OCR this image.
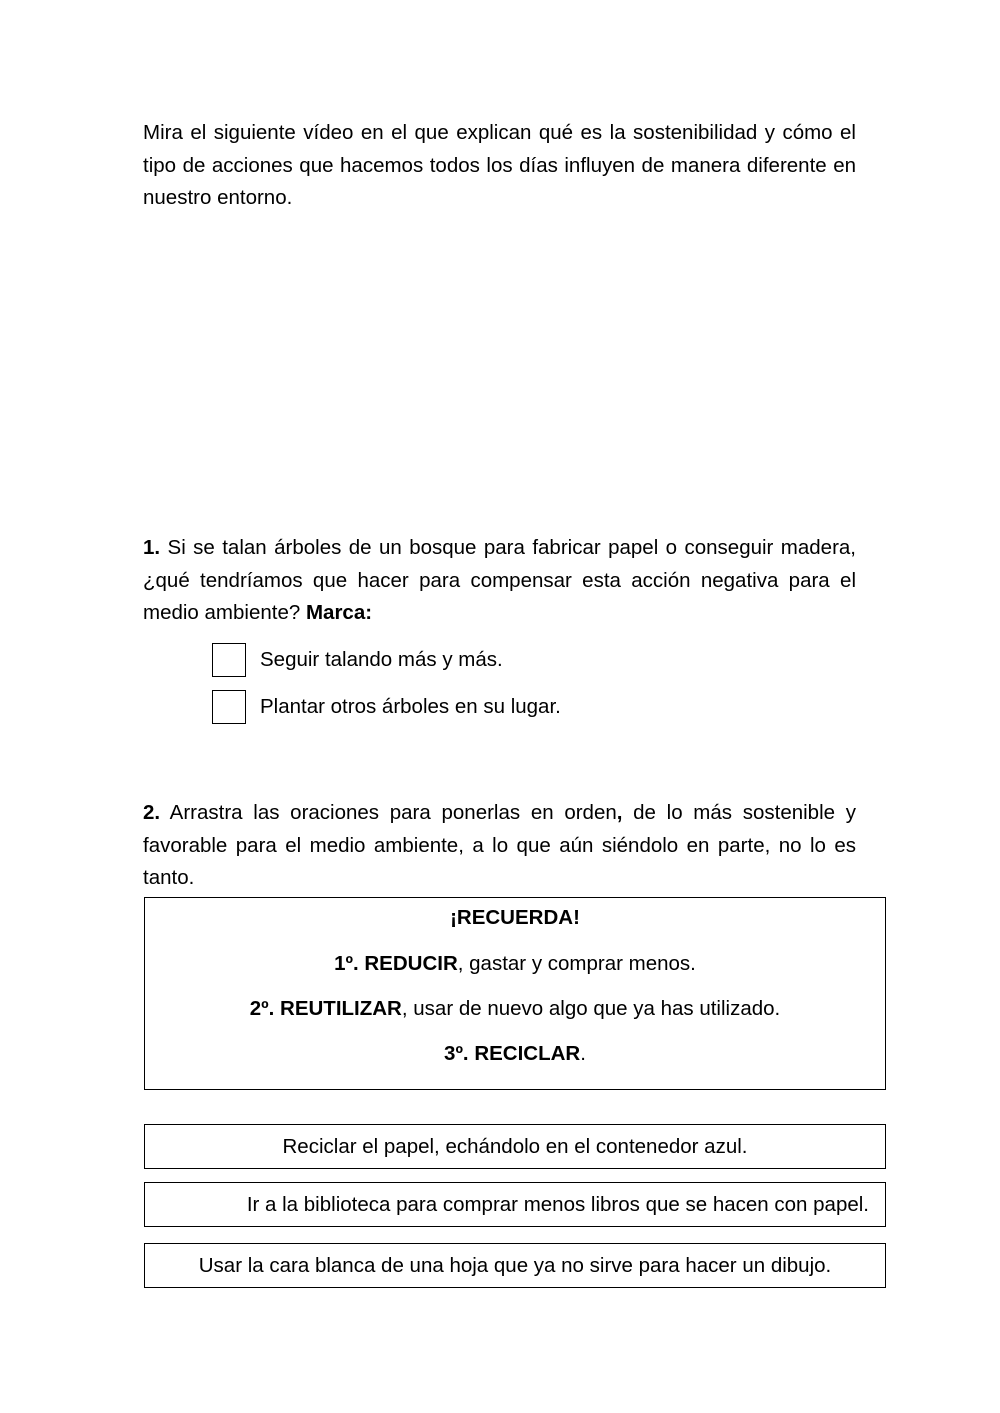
Mira el siguiente vídeo en el que explican qué es la sostenibilidad y cómo el tipo de acciones que hacemos todos los días influyen de manera diferente en nuestro entorno.

1. Si se talan árboles de un bosque para fabricar papel o conseguir madera, ¿qué tendríamos que hacer para compensar esta acción negativa para el medio ambiente? Marca:

Seguir talando más y más.
Plantar otros árboles en su lugar.

2. Arrastra las oraciones para ponerlas en orden, de lo más sostenible y favorable para el medio ambiente, a lo que aún siéndolo en parte, no lo es tanto.

¡RECUERDA!
1º. REDUCIR, gastar y comprar menos.
2º. REUTILIZAR, usar de nuevo algo que ya has utilizado.
3º. RECICLAR.
Reciclar el papel, echándolo en el contenedor azul.
Ir a la biblioteca para comprar menos libros que se hacen con papel.
Usar la cara blanca de una hoja que ya no sirve para hacer un dibujo.
